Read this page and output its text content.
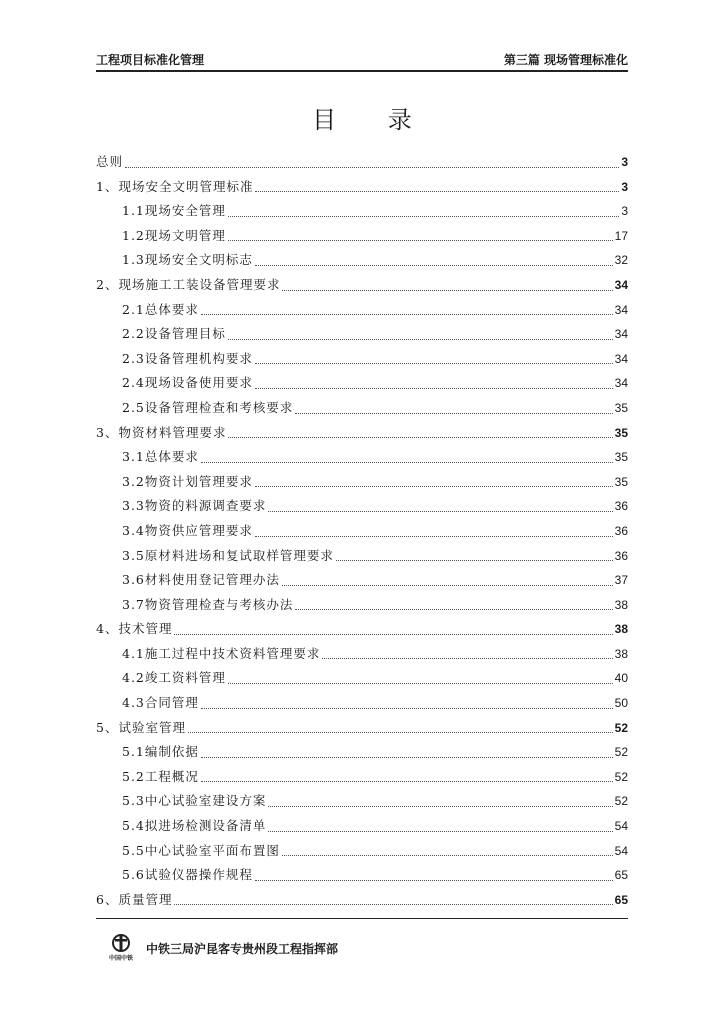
工程项目标准化管理	第三篇 现场管理标准化
目 录
总则	3
1、现场安全文明管理标准	3
1.1现场安全管理	3
1.2现场文明管理	17
1.3现场安全文明标志	32
2、现场施工工装设备管理要求	34
2.1总体要求	34
2.2设备管理目标	34
2.3设备管理机构要求	34
2.4现场设备使用要求	34
2.5设备管理检查和考核要求	35
3、物资材料管理要求	35
3.1总体要求	35
3.2物资计划管理要求	35
3.3物资的料源调查要求	36
3.4物资供应管理要求	36
3.5原材料进场和复试取样管理要求	36
3.6材料使用登记管理办法	37
3.7物资管理检查与考核办法	38
4、技术管理	38
4.1施工过程中技术资料管理要求	38
4.2竣工资料管理	40
4.3合同管理	50
5、试验室管理	52
5.1编制依据	52
5.2工程概况	52
5.3中心试验室建设方案	52
5.4拟进场检测设备清单	54
5.5中心试验室平面布置图	54
5.6试验仪器操作规程	65
6、质量管理	65
中国中铁
中铁三局沪昆客专贵州段工程指挥部
